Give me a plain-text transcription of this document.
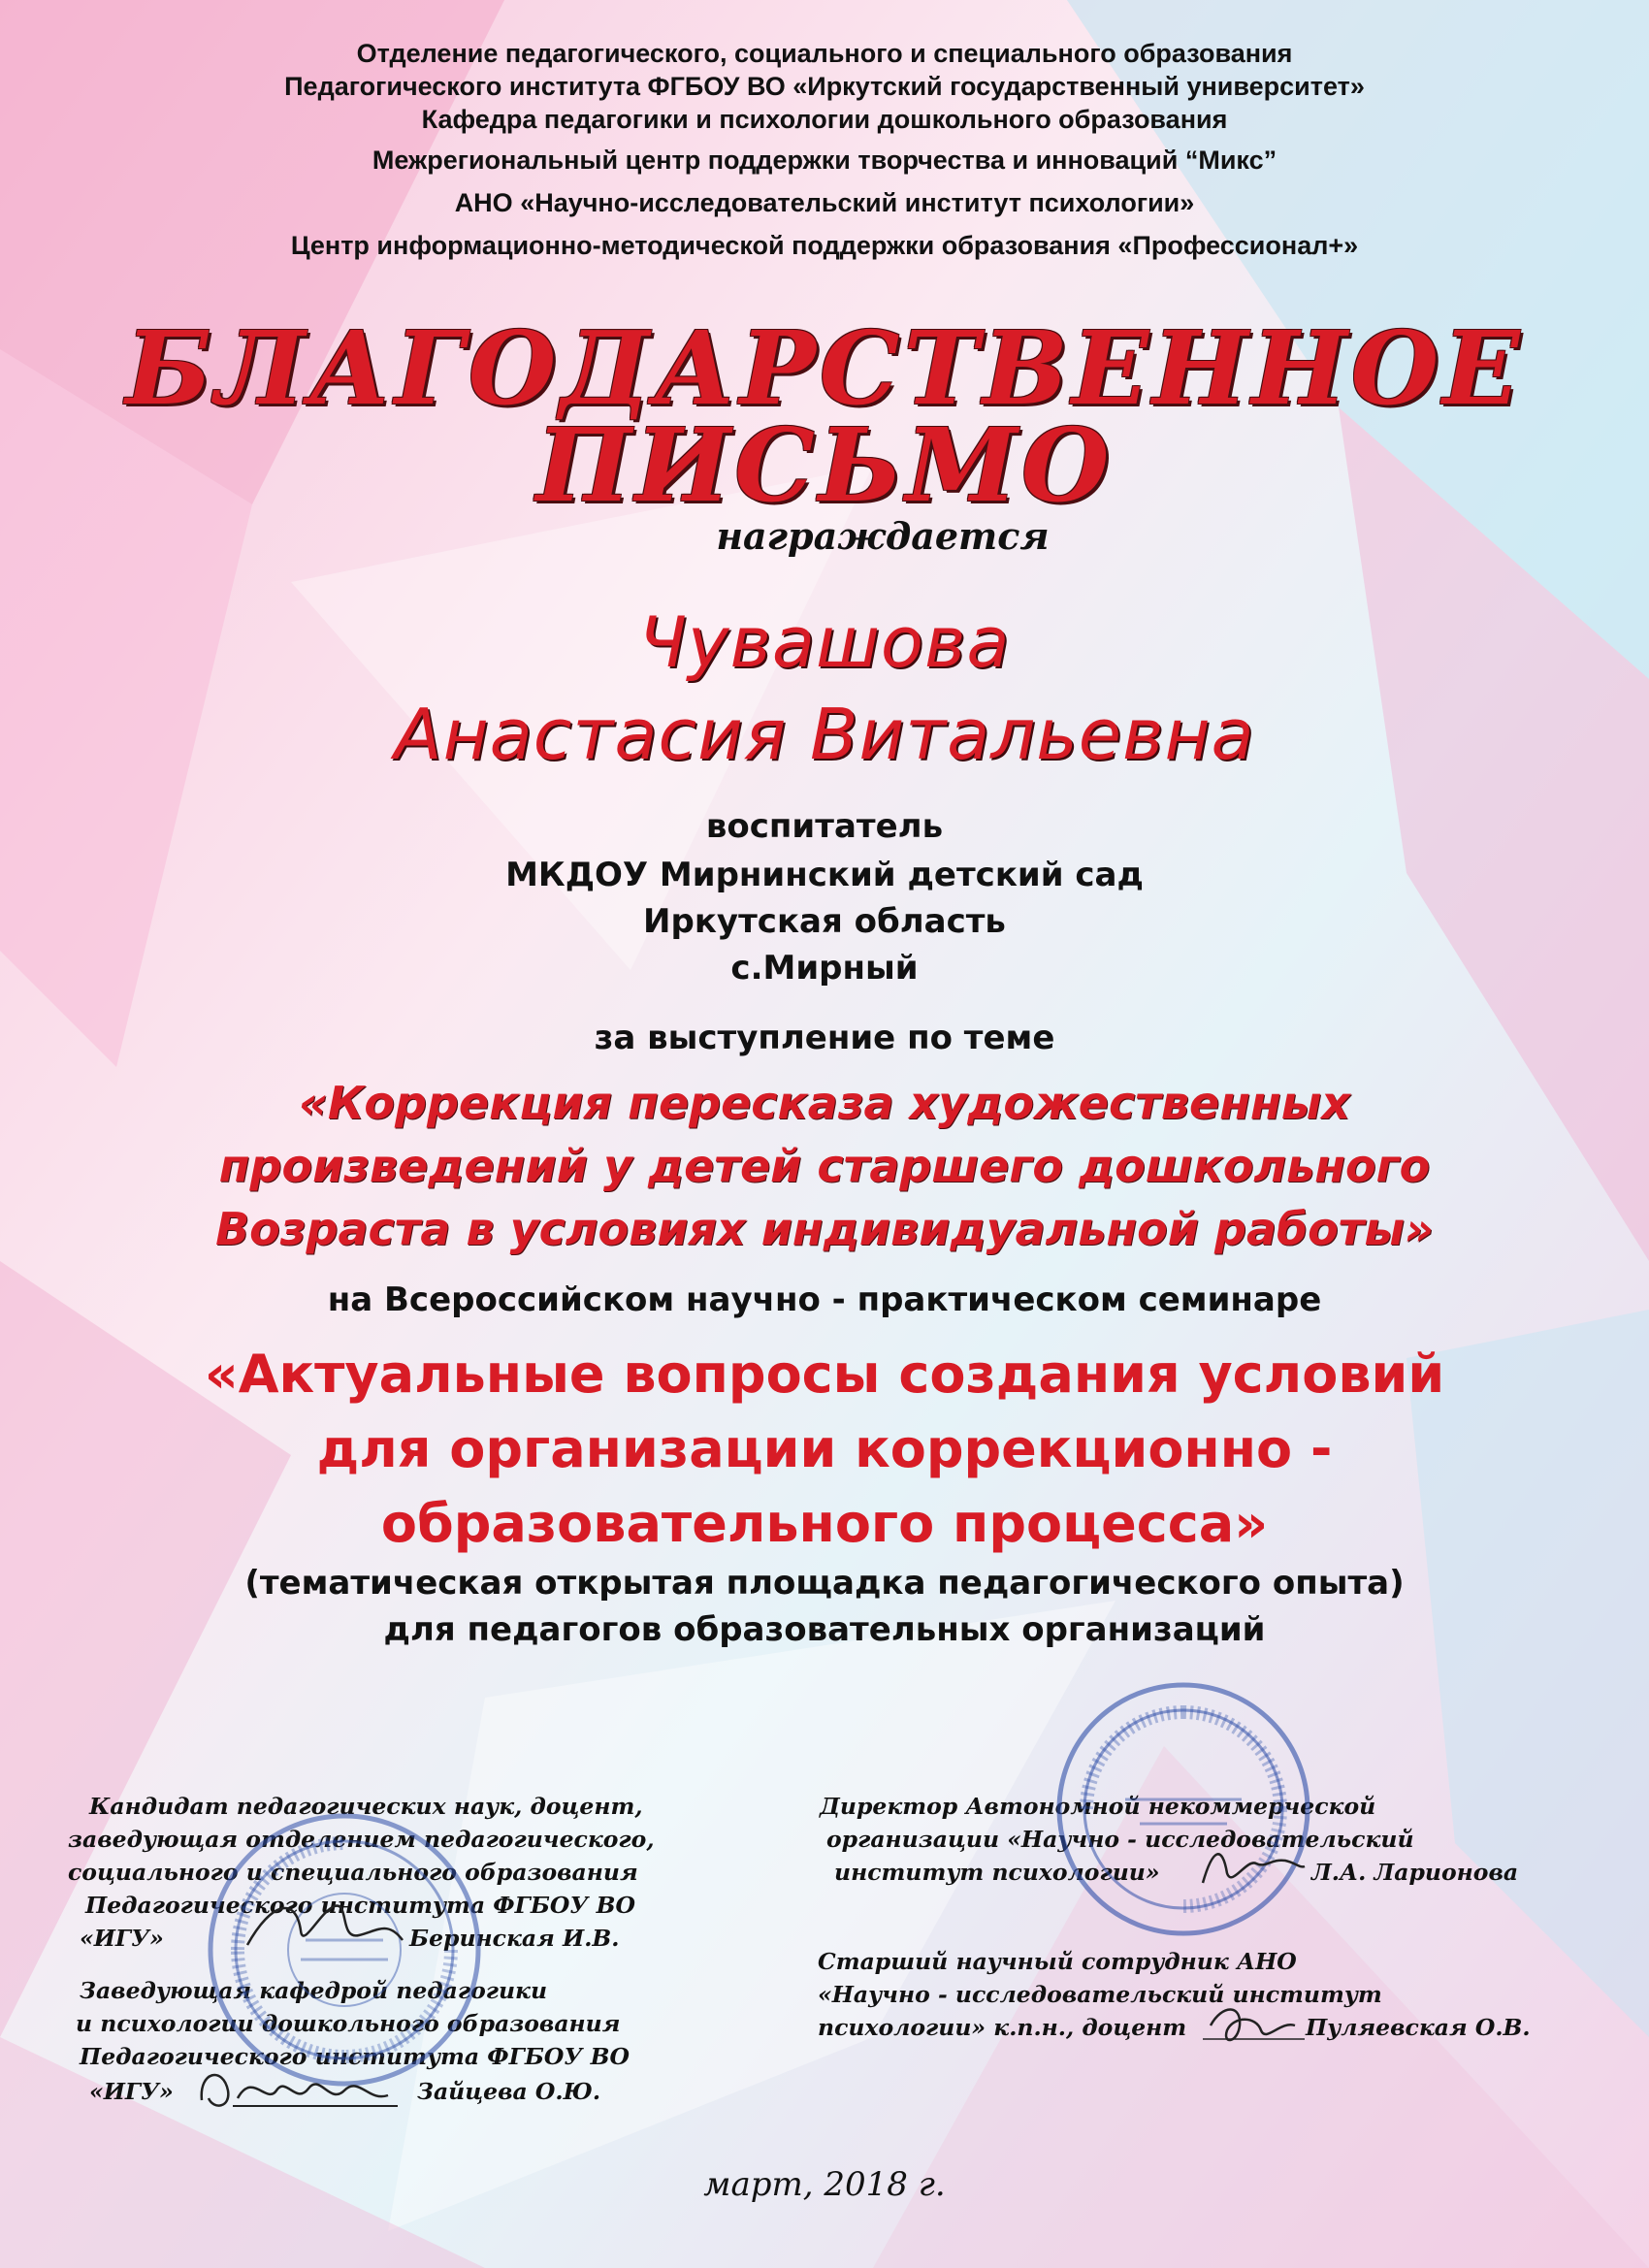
Отделение педагогического, социального и специального образования
Педагогического института ФГБОУ ВО «Иркутский государственный университет»
Кафедра педагогики и психологии дошкольного образования
Межрегиональный центр поддержки творчества и инноваций “Микс”
АНО «Научно-исследовательский институт психологии»
Центр информационно-методической поддержки образования «Профессионал+»
БЛАГОДАРСТВЕННОЕ
ПИСЬМО
награждается
Чувашова
Анастасия Витальевна
воспитатель
МКДОУ Мирнинский детский сад
Иркутская область
с.Мирный
за выступление по теме
«Коррекция пересказа художественных
произведений у детей старшего дошкольного
Возраста в условиях индивидуальной работы»
на Всероссийском научно - практическом семинаре
«Актуальные вопросы создания условий
для организации коррекционно -
образовательного процесса»
(тематическая открытая площадка педагогического опыта)
для педагогов образовательных организаций
Кандидат педагогических наук, доцент,
заведующая отделением педагогического,
социального и специального образования
Педагогического института ФГБОУ ВО
«ИГУ»	Беринская И.В.
Заведующая кафедрой педагогики
и психологии дошкольного образования
Педагогического института ФГБОУ ВО
«ИГУ»	Зайцева О.Ю.
Директор Автономной некоммерческой
организации «Научно - исследовательский
институт психологии»	Л.А. Ларионова
Старший научный сотрудник АНО
«Научно - исследовательский институт
психологии» к.п.н., доцент	Пуляевская О.В.
март, 2018 г.
